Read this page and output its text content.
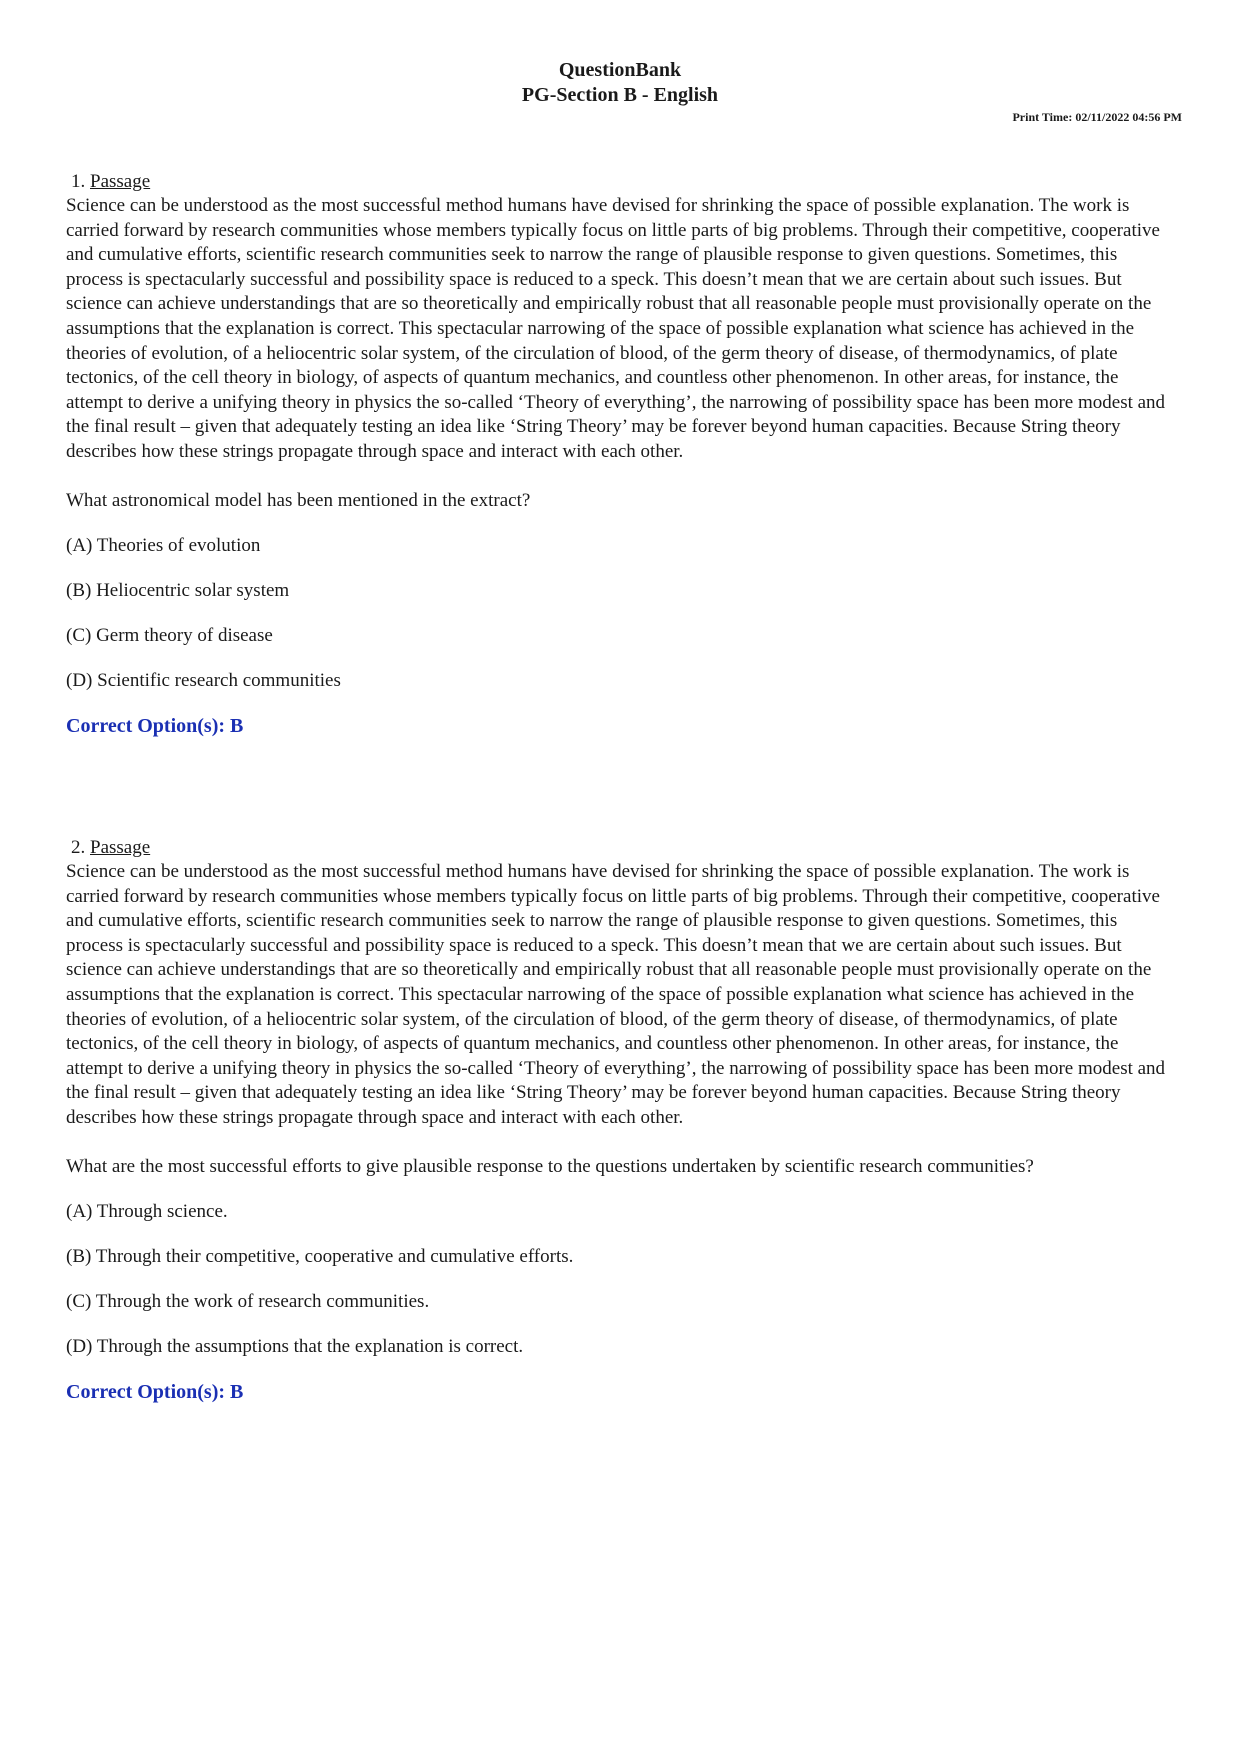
QuestionBank
PG-Section B - English
Print Time: 02/11/2022 04:56 PM
1. Passage

Science can be understood as the most successful method humans have devised for shrinking the space of possible explanation. The work is carried forward by research communities whose members typically focus on little parts of big problems. Through their competitive, cooperative and cumulative efforts, scientific research communities seek to narrow the range of plausible response to given questions. Sometimes, this process is spectacularly successful and possibility space is reduced to a speck. This doesn’t mean that we are certain about such issues. But science can achieve understandings that are so theoretically and empirically robust that all reasonable people must provisionally operate on the assumptions that the explanation is correct. This spectacular narrowing of the space of possible explanation what science has achieved in the theories of evolution, of a heliocentric solar system, of the circulation of blood, of the germ theory of disease, of thermodynamics, of plate tectonics, of the cell theory in biology, of aspects of quantum mechanics, and countless other phenomenon. In other areas, for instance, the attempt to derive a unifying theory in physics the so-called ‘Theory of everything’, the narrowing of possibility space has been more modest and the final result – given that adequately testing an idea like ‘String Theory’ may be forever beyond human capacities. Because String theory describes how these strings propagate through space and interact with each other.

What astronomical model has been mentioned in the extract?

(A) Theories of evolution
(B) Heliocentric solar system
(C) Germ theory of disease
(D) Scientific research communities
Correct Option(s): B
2. Passage

Science can be understood as the most successful method humans have devised for shrinking the space of possible explanation. The work is carried forward by research communities whose members typically focus on little parts of big problems. Through their competitive, cooperative and cumulative efforts, scientific research communities seek to narrow the range of plausible response to given questions. Sometimes, this process is spectacularly successful and possibility space is reduced to a speck. This doesn’t mean that we are certain about such issues. But science can achieve understandings that are so theoretically and empirically robust that all reasonable people must provisionally operate on the assumptions that the explanation is correct. This spectacular narrowing of the space of possible explanation what science has achieved in the theories of evolution, of a heliocentric solar system, of the circulation of blood, of the germ theory of disease, of thermodynamics, of plate tectonics, of the cell theory in biology, of aspects of quantum mechanics, and countless other phenomenon. In other areas, for instance, the attempt to derive a unifying theory in physics the so-called ‘Theory of everything’, the narrowing of possibility space has been more modest and the final result – given that adequately testing an idea like ‘String Theory’ may be forever beyond human capacities. Because String theory describes how these strings propagate through space and interact with each other.

What are the most successful efforts to give plausible response to the questions undertaken by scientific research communities?

(A) Through science.
(B) Through their competitive, cooperative and cumulative efforts.
(C) Through the work of research communities.
(D) Through the assumptions that the explanation is correct.
Correct Option(s): B
